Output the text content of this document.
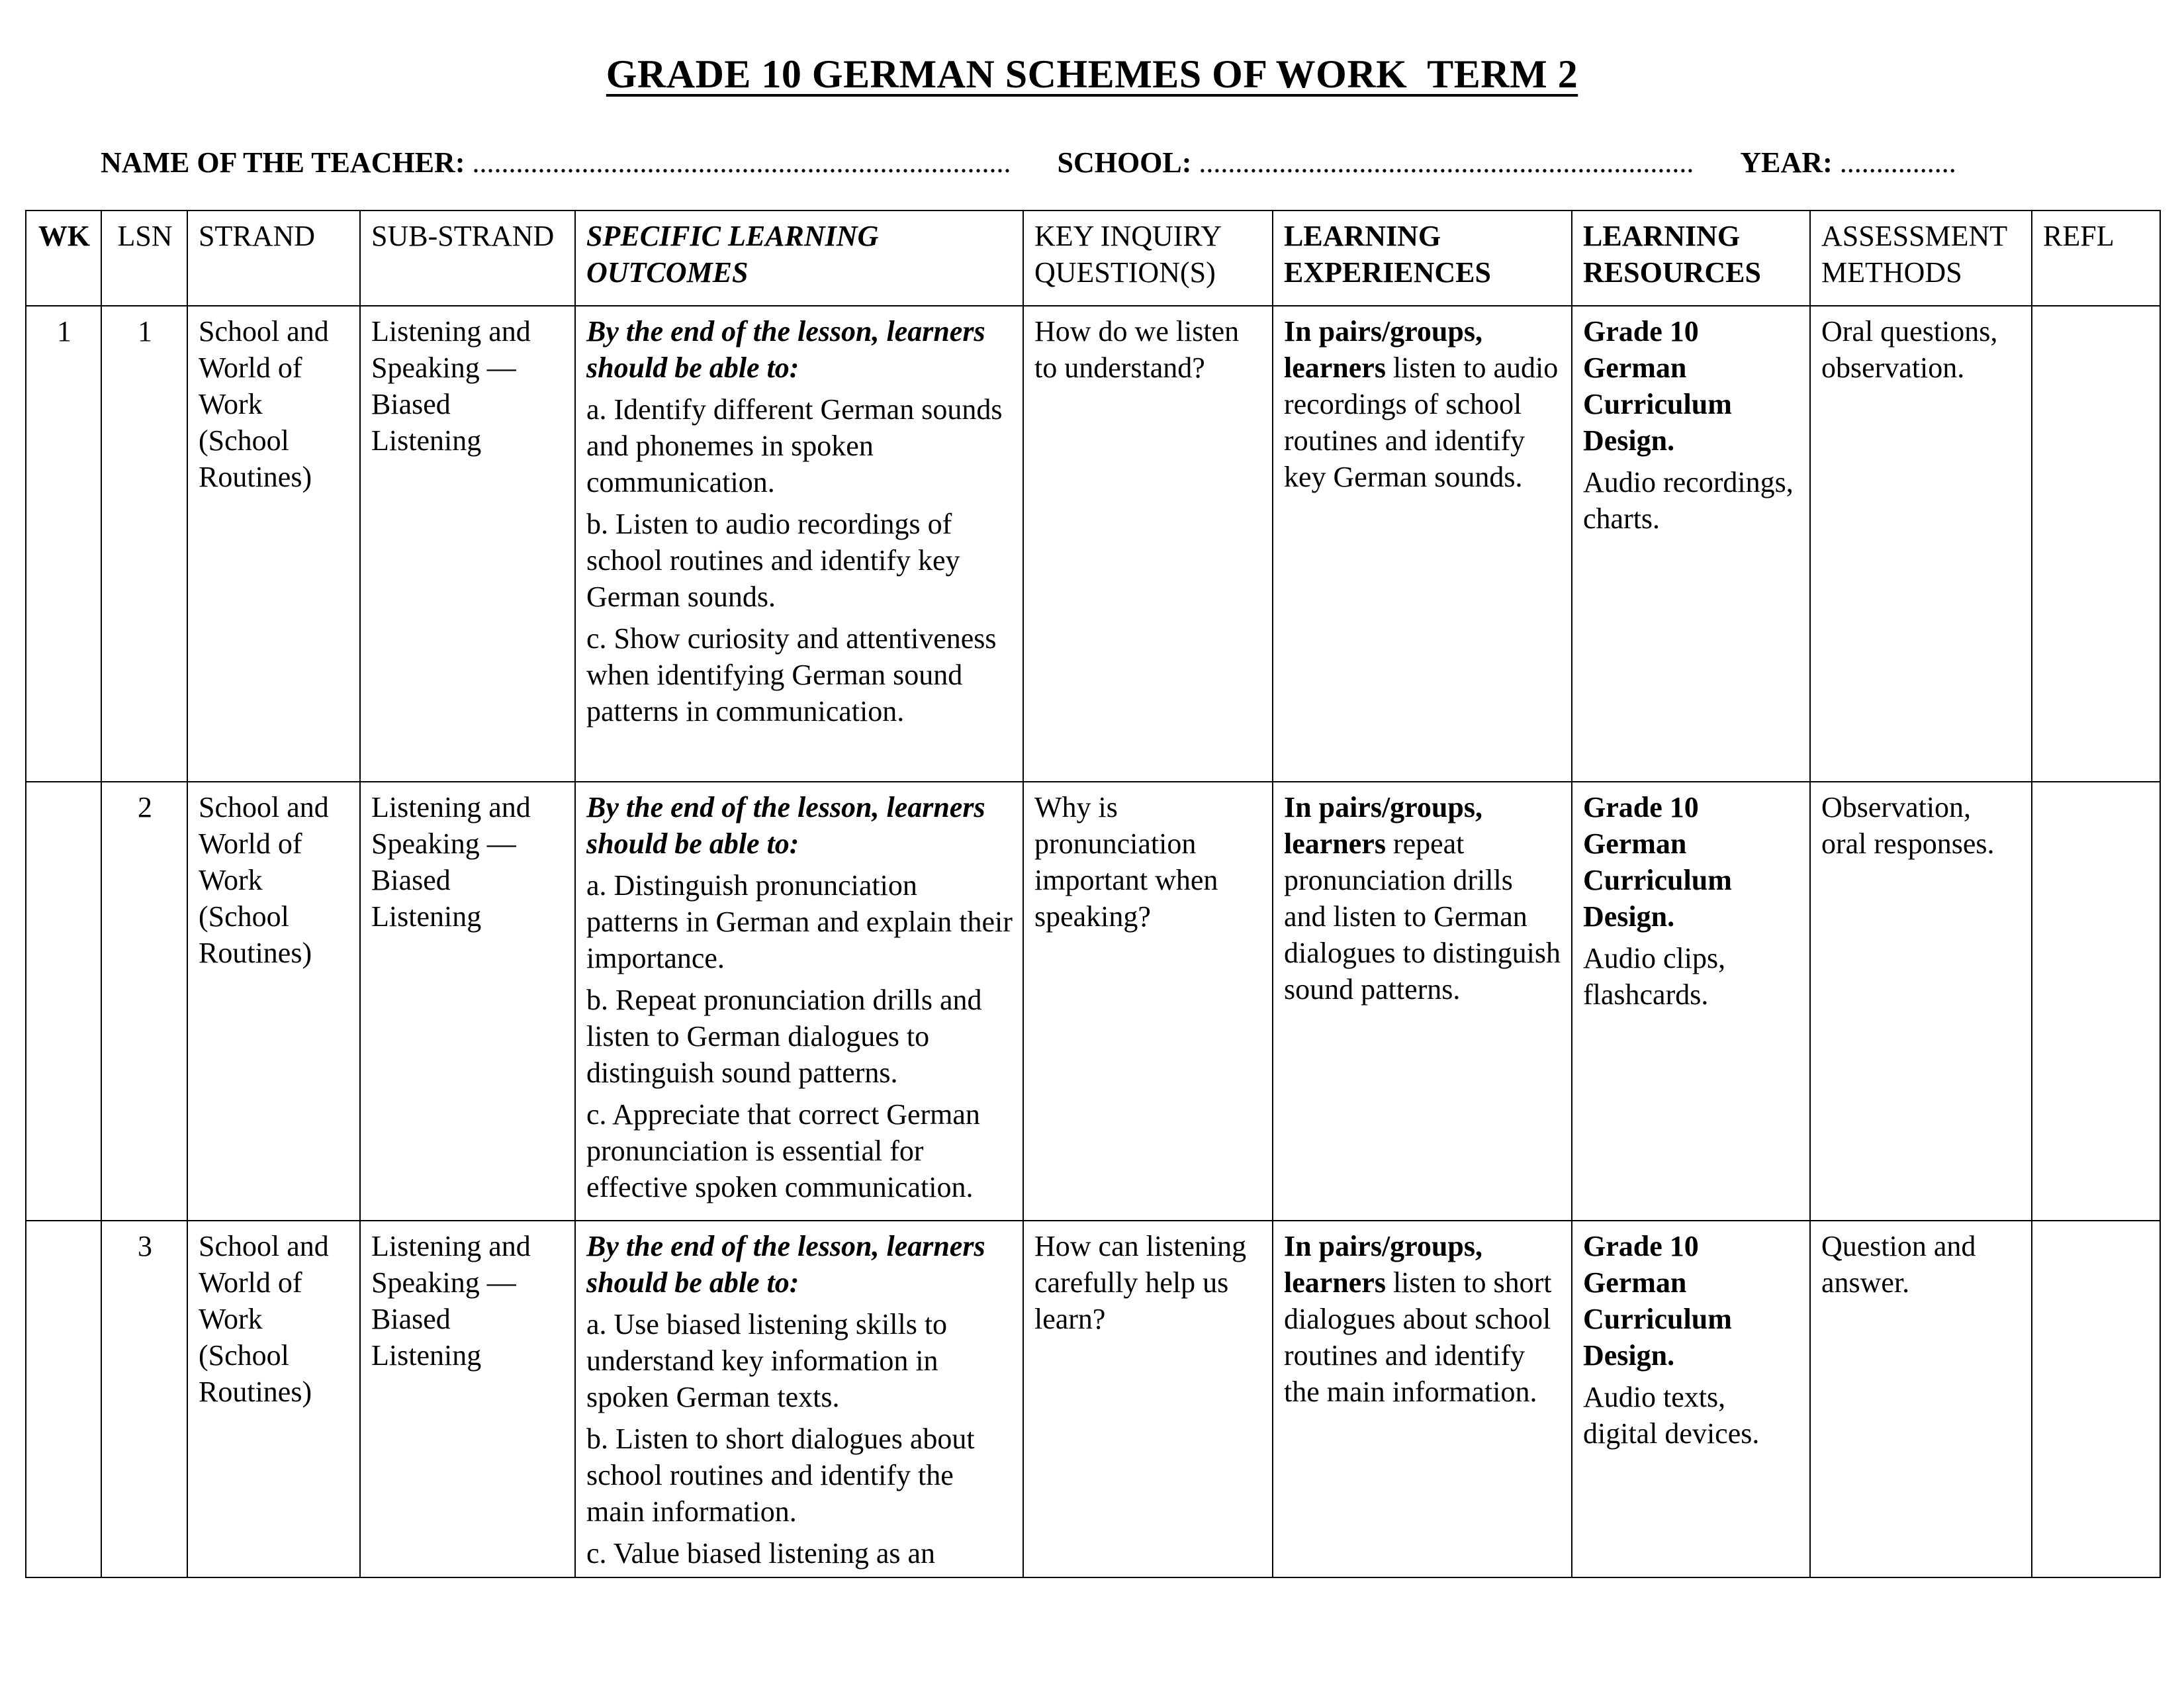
GRADE 10 GERMAN SCHEMES OF WORK  TERM 2
NAME OF THE TEACHER: .......................................................................... SCHOOL: .................................................................... YEAR: ................
WK	LSN	STRAND	SUB-STRAND	SPECIFIC LEARNING OUTCOMES	KEY INQUIRY QUESTION(S)	LEARNING EXPERIENCES	LEARNING RESOURCES	ASSESSMENT METHODS	REFL
1	1	School and World of Work (School Routines)	Listening and Speaking — Biased Listening	By the end of the lesson, learners should be able to:
a. Identify different German sounds and phonemes in spoken communication.
b. Listen to audio recordings of school routines and identify key German sounds.
c. Show curiosity and attentiveness when identifying German sound patterns in communication.	How do we listen to understand?	In pairs/groups, learners listen to audio recordings of school routines and identify key German sounds.	Grade 10 German Curriculum Design.
Audio recordings, charts.	Oral questions, observation.	
	2	School and World of Work (School Routines)	Listening and Speaking — Biased Listening	By the end of the lesson, learners should be able to:
a. Distinguish pronunciation patterns in German and explain their importance.
b. Repeat pronunciation drills and listen to German dialogues to distinguish sound patterns.
c. Appreciate that correct German pronunciation is essential for effective spoken communication.	Why is pronunciation important when speaking?	In pairs/groups, learners repeat pronunciation drills and listen to German dialogues to distinguish sound patterns.	Grade 10 German Curriculum Design.
Audio clips, flashcards.	Observation, oral responses.	
	3	School and World of Work (School Routines)	Listening and Speaking — Biased Listening	By the end of the lesson, learners should be able to:
a. Use biased listening skills to understand key information in spoken German texts.
b. Listen to short dialogues about school routines and identify the main information.
c. Value biased listening as an	How can listening carefully help us learn?	In pairs/groups, learners listen to short dialogues about school routines and identify the main information.	Grade 10 German Curriculum Design.
Audio texts, digital devices.	Question and answer.	
